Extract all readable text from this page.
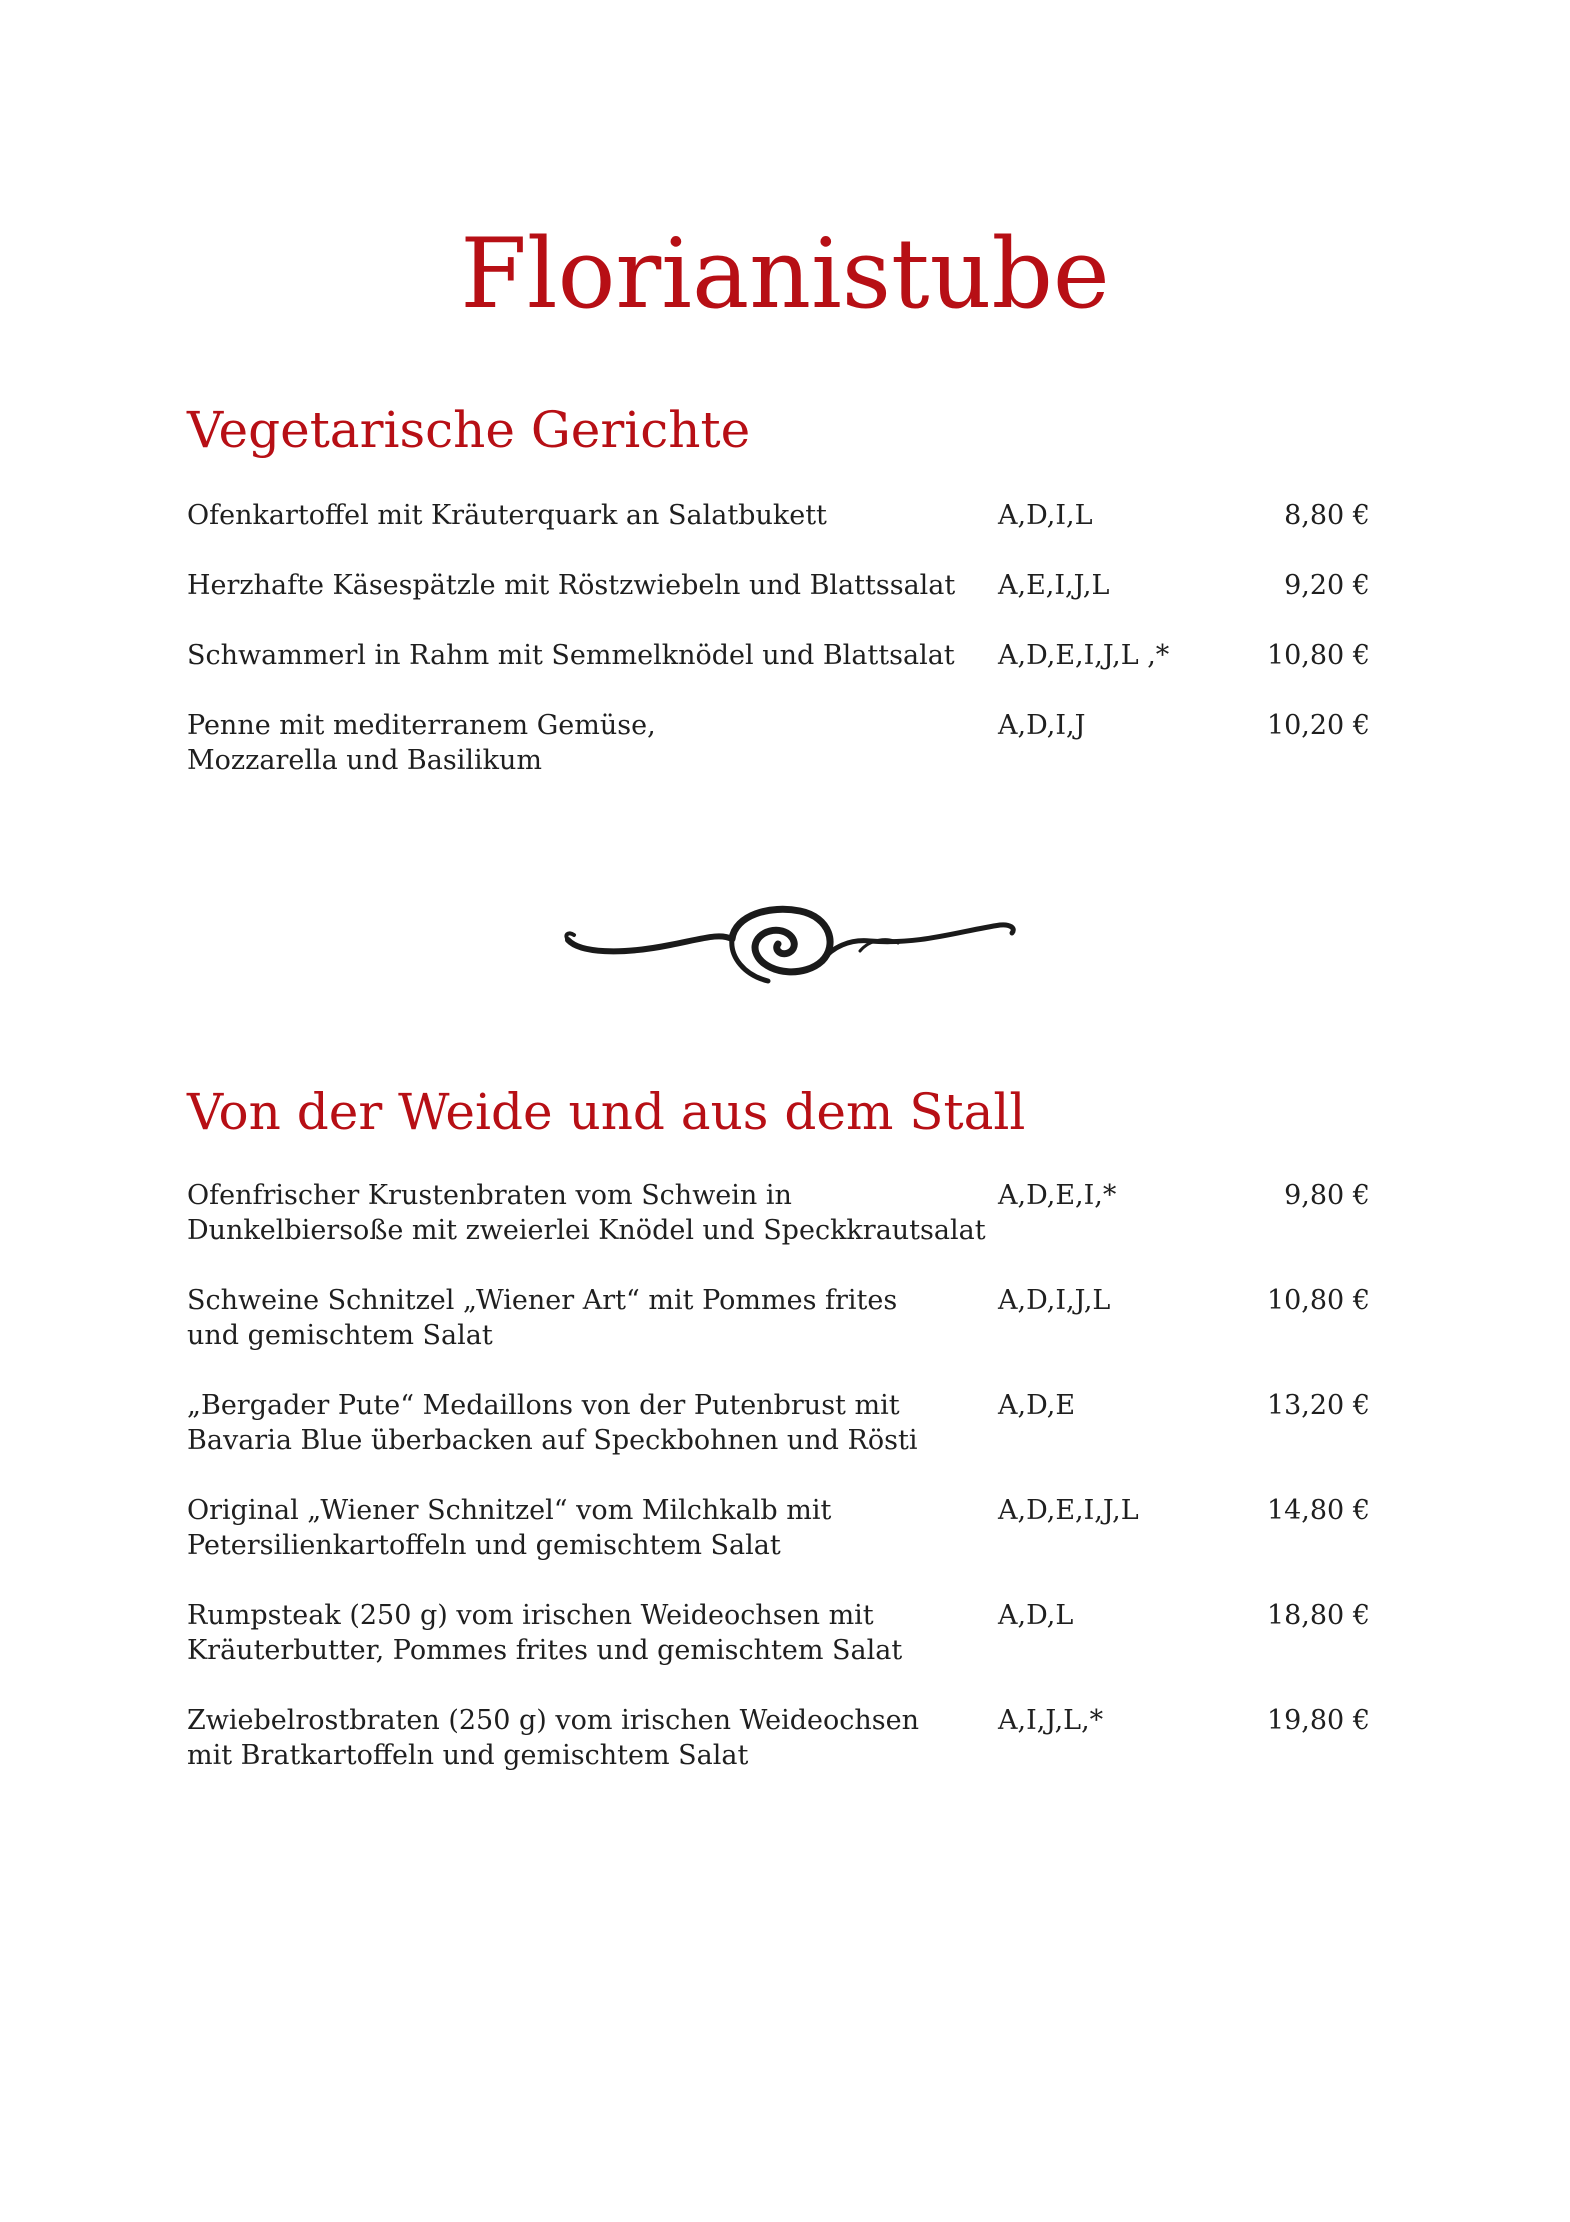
Florianistube
Vegetarische Gerichte
Ofenkartoffel mit Kräuterquark an Salatbukett	A,D,I,L	8,80 €
Herzhafte Käsespätzle mit Röstzwiebeln und Blattssalat	A,E,I,J,L	9,20 €
Schwammerl in Rahm mit Semmelknödel und Blattsalat	A,D,E,I,J,L ,*	10,80 €
Penne mit mediterranem Gemüse,
Mozzarella und Basilikum
A,D,I,J	10,20 €
Von der Weide und aus dem Stall
Ofenfrischer Krustenbraten vom Schwein in
Dunkelbiersoße mit zweierlei Knödel und Speckkrautsalat
A,D,E,I,*	9,80 €
Schweine Schnitzel „Wiener Art“ mit Pommes frites
und gemischtem Salat
A,D,I,J,L	10,80 €
„Bergader Pute“ Medaillons von der Putenbrust mit
Bavaria Blue überbacken auf Speckbohnen und Rösti
A,D,E	13,20 €
Original „Wiener Schnitzel“ vom Milchkalb mit
Petersilienkartoffeln und gemischtem Salat
A,D,E,I,J,L	14,80 €
Rumpsteak (250 g) vom irischen Weideochsen mit
Kräuterbutter, Pommes frites und gemischtem Salat
A,D,L	18,80 €
Zwiebelrostbraten (250 g) vom irischen Weideochsen
mit Bratkartoffeln und gemischtem Salat
A,I,J,L,*	19,80 €
